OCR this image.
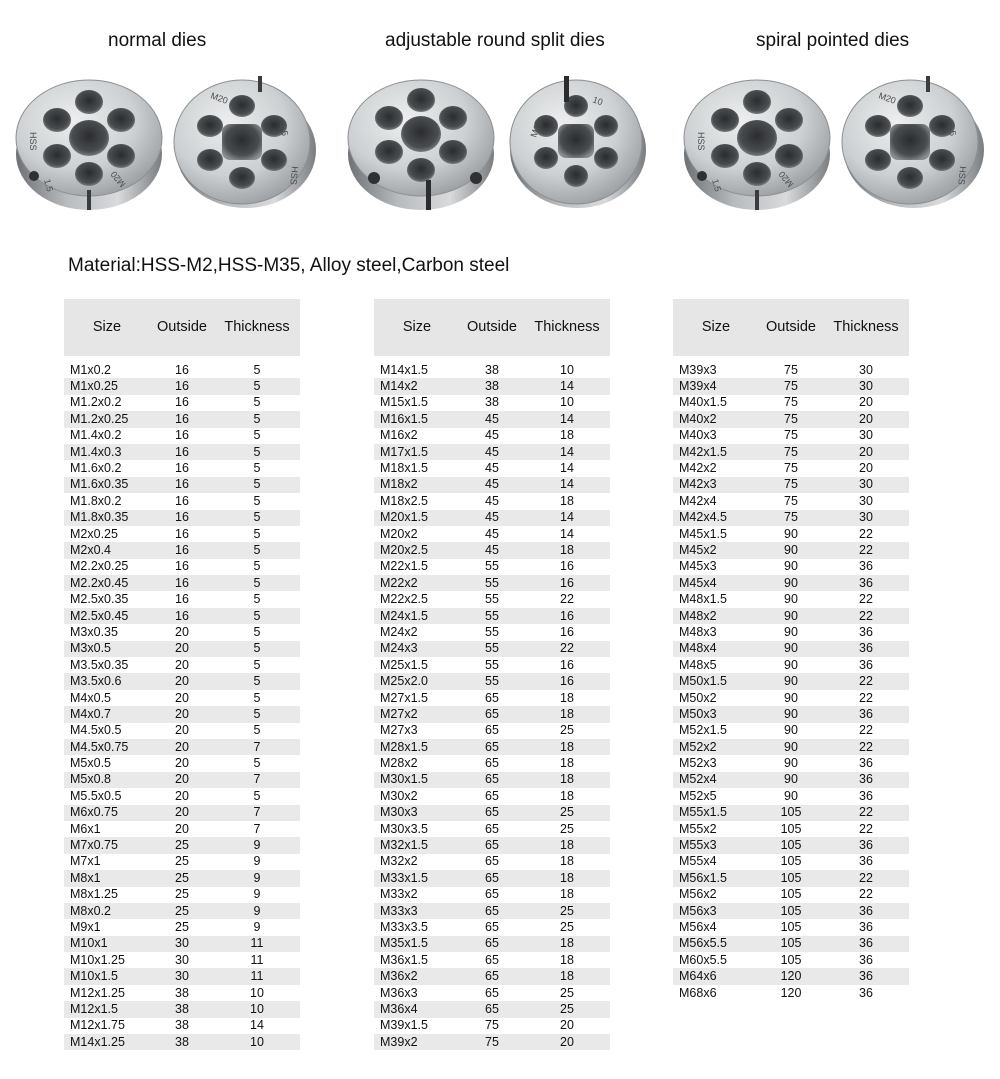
normal dies	adjustable round split dies	spiral pointed dies
HSS
1.5	M20
M20
1.5
HSS
M15
10
HSS
1.5	M20
M20
1.5
HSS
Material:HSS-M2,HSS-M35, Alloy steel,Carbon steel
Size	Outside	Thickness

M1x0.2	16	5
M1x0.25	16	5
M1.2x0.2	16	5
M1.2x0.25	16	5
M1.4x0.2	16	5
M1.4x0.3	16	5
M1.6x0.2	16	5
M1.6x0.35	16	5
M1.8x0.2	16	5
M1.8x0.35	16	5
M2x0.25	16	5
M2x0.4	16	5
M2.2x0.25	16	5
M2.2x0.45	16	5
M2.5x0.35	16	5
M2.5x0.45	16	5
M3x0.35	20	5
M3x0.5	20	5
M3.5x0.35	20	5
M3.5x0.6	20	5
M4x0.5	20	5
M4x0.7	20	5
M4.5x0.5	20	5
M4.5x0.75	20	7
M5x0.5	20	5
M5x0.8	20	7
M5.5x0.5	20	5
M6x0.75	20	7
M6x1	20	7
M7x0.75	25	9
M7x1	25	9
M8x1	25	9
M8x1.25	25	9
M8x0.2	25	9
M9x1	25	9
M10x1	30	11
M10x1.25	30	11
M10x1.5	30	11
M12x1.25	38	10
M12x1.5	38	10
M12x1.75	38	14
M14x1.25	38	10
Size	Outside	Thickness

M14x1.5	38	10
M14x2	38	14
M15x1.5	38	10
M16x1.5	45	14
M16x2	45	18
M17x1.5	45	14
M18x1.5	45	14
M18x2	45	14
M18x2.5	45	18
M20x1.5	45	14
M20x2	45	14
M20x2.5	45	18
M22x1.5	55	16
M22x2	55	16
M22x2.5	55	22
M24x1.5	55	16
M24x2	55	16
M24x3	55	22
M25x1.5	55	16
M25x2.0	55	16
M27x1.5	65	18
M27x2	65	18
M27x3	65	25
M28x1.5	65	18
M28x2	65	18
M30x1.5	65	18
M30x2	65	18
M30x3	65	25
M30x3.5	65	25
M32x1.5	65	18
M32x2	65	18
M33x1.5	65	18
M33x2	65	18
M33x3	65	25
M33x3.5	65	25
M35x1.5	65	18
M36x1.5	65	18
M36x2	65	18
M36x3	65	25
M36x4	65	25
M39x1.5	75	20
M39x2	75	20
Size	Outside	Thickness

M39x3	75	30
M39x4	75	30
M40x1.5	75	20
M40x2	75	20
M40x3	75	30
M42x1.5	75	20
M42x2	75	20
M42x3	75	30
M42x4	75	30
M42x4.5	75	30
M45x1.5	90	22
M45x2	90	22
M45x3	90	36
M45x4	90	36
M48x1.5	90	22
M48x2	90	22
M48x3	90	36
M48x4	90	36
M48x5	90	36
M50x1.5	90	22
M50x2	90	22
M50x3	90	36
M52x1.5	90	22
M52x2	90	22
M52x3	90	36
M52x4	90	36
M52x5	90	36
M55x1.5	105	22
M55x2	105	22
M55x3	105	36
M55x4	105	36
M56x1.5	105	22
M56x2	105	22
M56x3	105	36
M56x4	105	36
M56x5.5	105	36
M60x5.5	105	36
M64x6	120	36
M68x6	120	36
